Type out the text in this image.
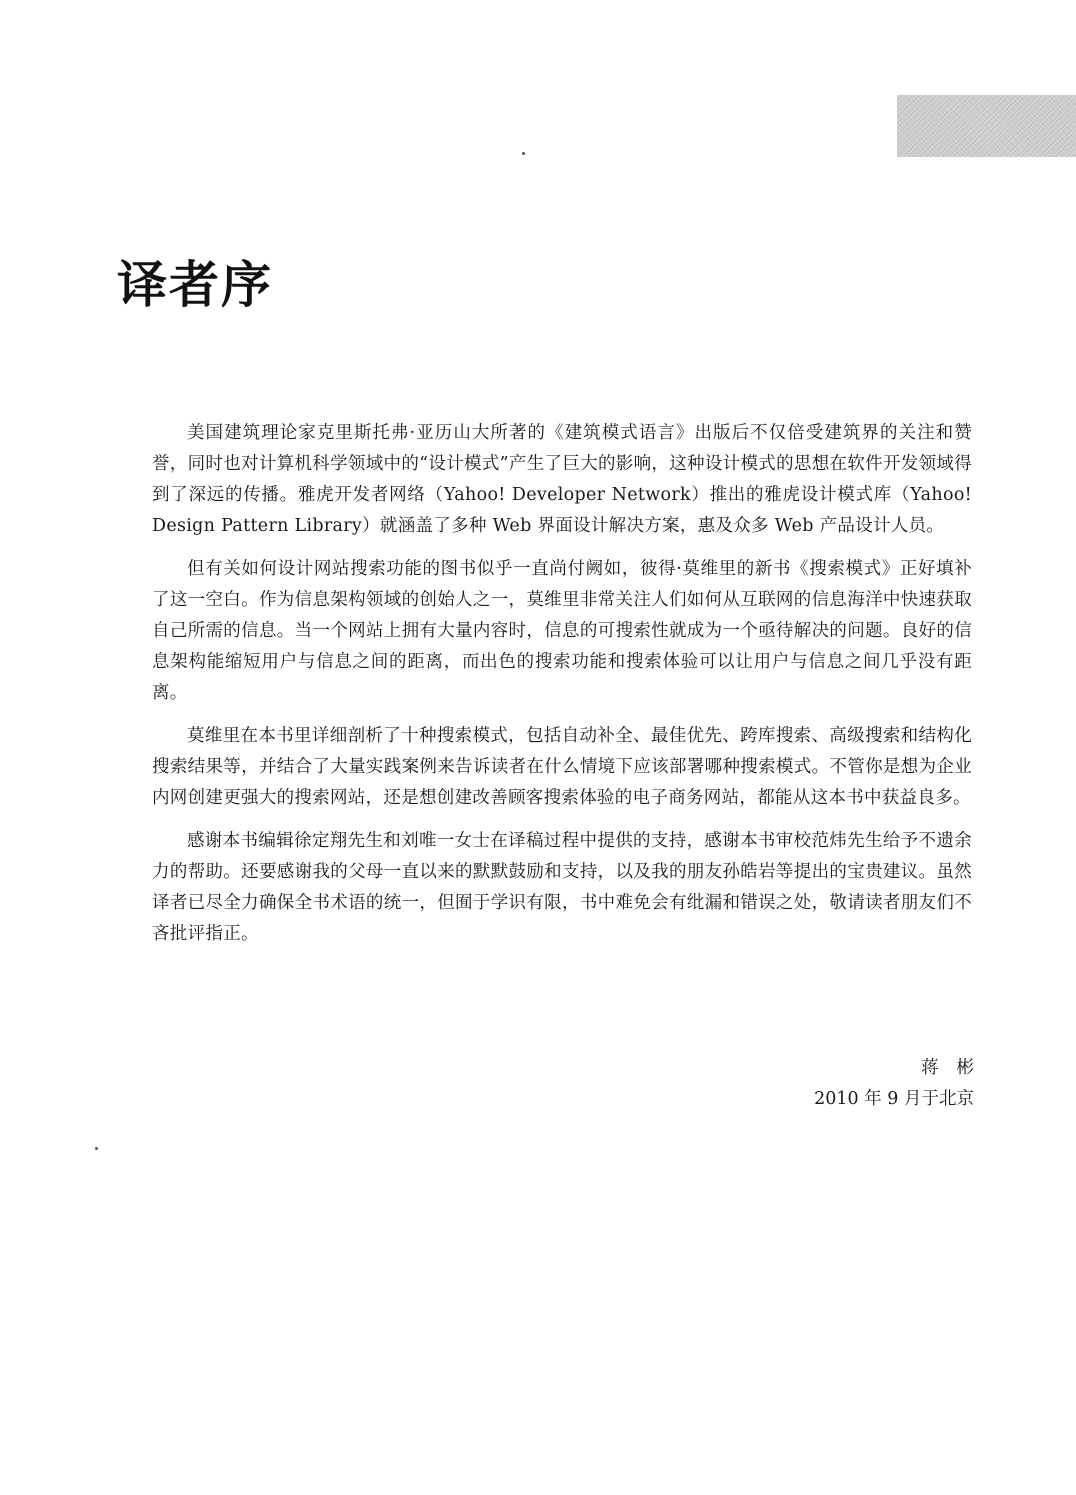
译者序

美国建筑理论家克里斯托弗·亚历山大所著的《建筑模式语言》出版后不仅倍受建筑界的关注和赞誉，同时也对计算机科学领域中的“设计模式”产生了巨大的影响，这种设计模式的思想在软件开发领域得到了深远的传播。雅虎开发者网络（Yahoo! Developer Network）推出的雅虎设计模式库（Yahoo! Design Pattern Library）就涵盖了多种 Web 界面设计解决方案，惠及众多 Web 产品设计人员。

但有关如何设计网站搜索功能的图书似乎一直尚付阙如，彼得·莫维里的新书《搜索模式》正好填补了这一空白。作为信息架构领域的创始人之一，莫维里非常关注人们如何从互联网的信息海洋中快速获取自己所需的信息。当一个网站上拥有大量内容时，信息的可搜索性就成为一个亟待解决的问题。良好的信息架构能缩短用户与信息之间的距离，而出色的搜索功能和搜索体验可以让用户与信息之间几乎没有距离。

莫维里在本书里详细剖析了十种搜索模式，包括自动补全、最佳优先、跨库搜索、高级搜索和结构化搜索结果等，并结合了大量实践案例来告诉读者在什么情境下应该部署哪种搜索模式。不管你是想为企业内网创建更强大的搜索网站，还是想创建改善顾客搜索体验的电子商务网站，都能从这本书中获益良多。

感谢本书编辑徐定翔先生和刘唯一女士在译稿过程中提供的支持，感谢本书审校范炜先生给予不遗余力的帮助。还要感谢我的父母一直以来的默默鼓励和支持，以及我的朋友孙皓岩等提出的宝贵建议。虽然译者已尽全力确保全书术语的统一，但囿于学识有限，书中难免会有纰漏和错误之处，敬请读者朋友们不吝批评指正。

蒋彬
2010 年 9 月于北京
